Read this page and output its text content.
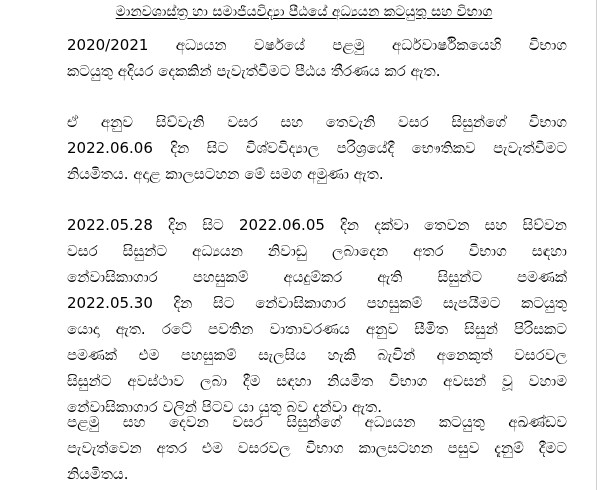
මානවශාස්ත්‍ර හා සමාජීයවිද්‍යා පීඨයේ අධ්‍යයන කටයුතු සහ විභාග
2020/2021 අධ්‍යයන වර්ෂයේ පළමු අර්ධවාර්ෂිකයෙහි විභාග
කටයුතු අදියර දෙකකින් පැවැත්වීමට පීඨය තීරණය කර ඇත.
ඒ අනුව සිව්වැනි වසර සහ තෙවැනි වසර සිසුන්ගේ විභාග
2022.06.06 දින සිට විශ්වවිද්‍යාල පරිශ්‍රයේදී භෞතිකව පැවැත්වීමට
නියමිතය. අදාළ කාලසටහන මේ සමග අමුණා ඇත.
2022.05.28 දින සිට 2022.06.05 දින දක්වා තෙවන සහ සිව්වන
වසර සිසුන්ට අධ්‍යයන නිවාඩු ලබාදෙන අතර විභාග සඳහා
නේවාසිකාගාර පහසුකම් අයදුම්කර ඇති සිසුන්ට පමණක්
2022.05.30 දින සිට නේවාසිකාගාර පහසුකම් සැපයීමට කටයුතු
යොදා ඇත. රටේ පවතින වාතාවරණය අනුව සීමිත සිසුන් පිරිසකට
පමණක් එම පහසුකම් සැලසිය හැකි බැවින් අනෙකුත් වසරවල
සිසුන්ට අවස්ථාව ලබා දීම සඳහා නියමිත විභාග අවසන් වූ වහාම
නේවාසිකාගාර වලින් පිටව යා යුතු බව දන්වා ඇත.
පළමු සහ දෙවන වසර සිසුන්ගේ අධ්‍යයන කටයුතු අඛණ්ඩව
පැවැත්වෙන අතර එම වසරවල විභාග කාලසටහන පසුව දැනුම් දීමට
නියමිතය.
